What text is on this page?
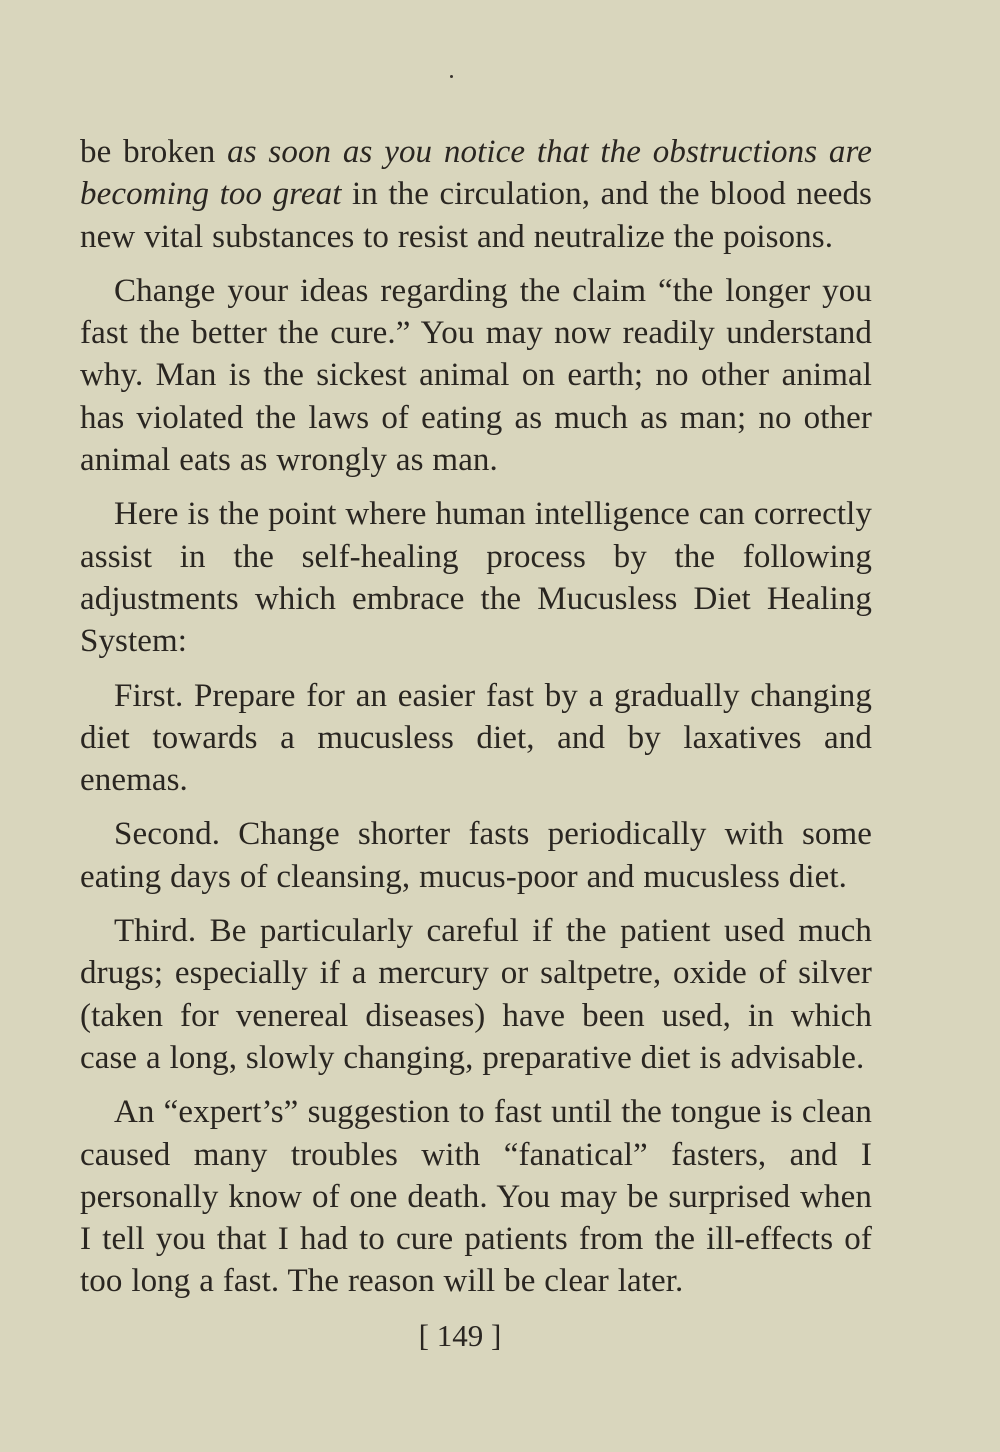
be broken as soon as you notice that the obstructions are becoming too great in the circulation, and the blood needs new vital substances to resist and neutralize the poisons.

Change your ideas regarding the claim “the longer you fast the better the cure.” You may now readily understand why. Man is the sickest animal on earth; no other animal has violated the laws of eating as much as man; no other animal eats as wrongly as man.

Here is the point where human intelligence can correctly assist in the self-healing process by the following adjustments which embrace the Mucusless Diet Healing System:

First. Prepare for an easier fast by a gradually changing diet towards a mucusless diet, and by laxatives and enemas.

Second. Change shorter fasts periodically with some eating days of cleansing, mucus-poor and mucusless diet.

Third. Be particularly careful if the patient used much drugs; especially if a mercury or saltpetre, oxide of silver (taken for venereal diseases) have been used, in which case a long, slowly changing, preparative diet is advisable.

An “expert’s” suggestion to fast until the tongue is clean caused many troubles with “fanatical” fasters, and I personally know of one death. You may be surprised when I tell you that I had to cure patients from the ill-effects of too long a fast. The reason will be clear later.

[ 149 ]
